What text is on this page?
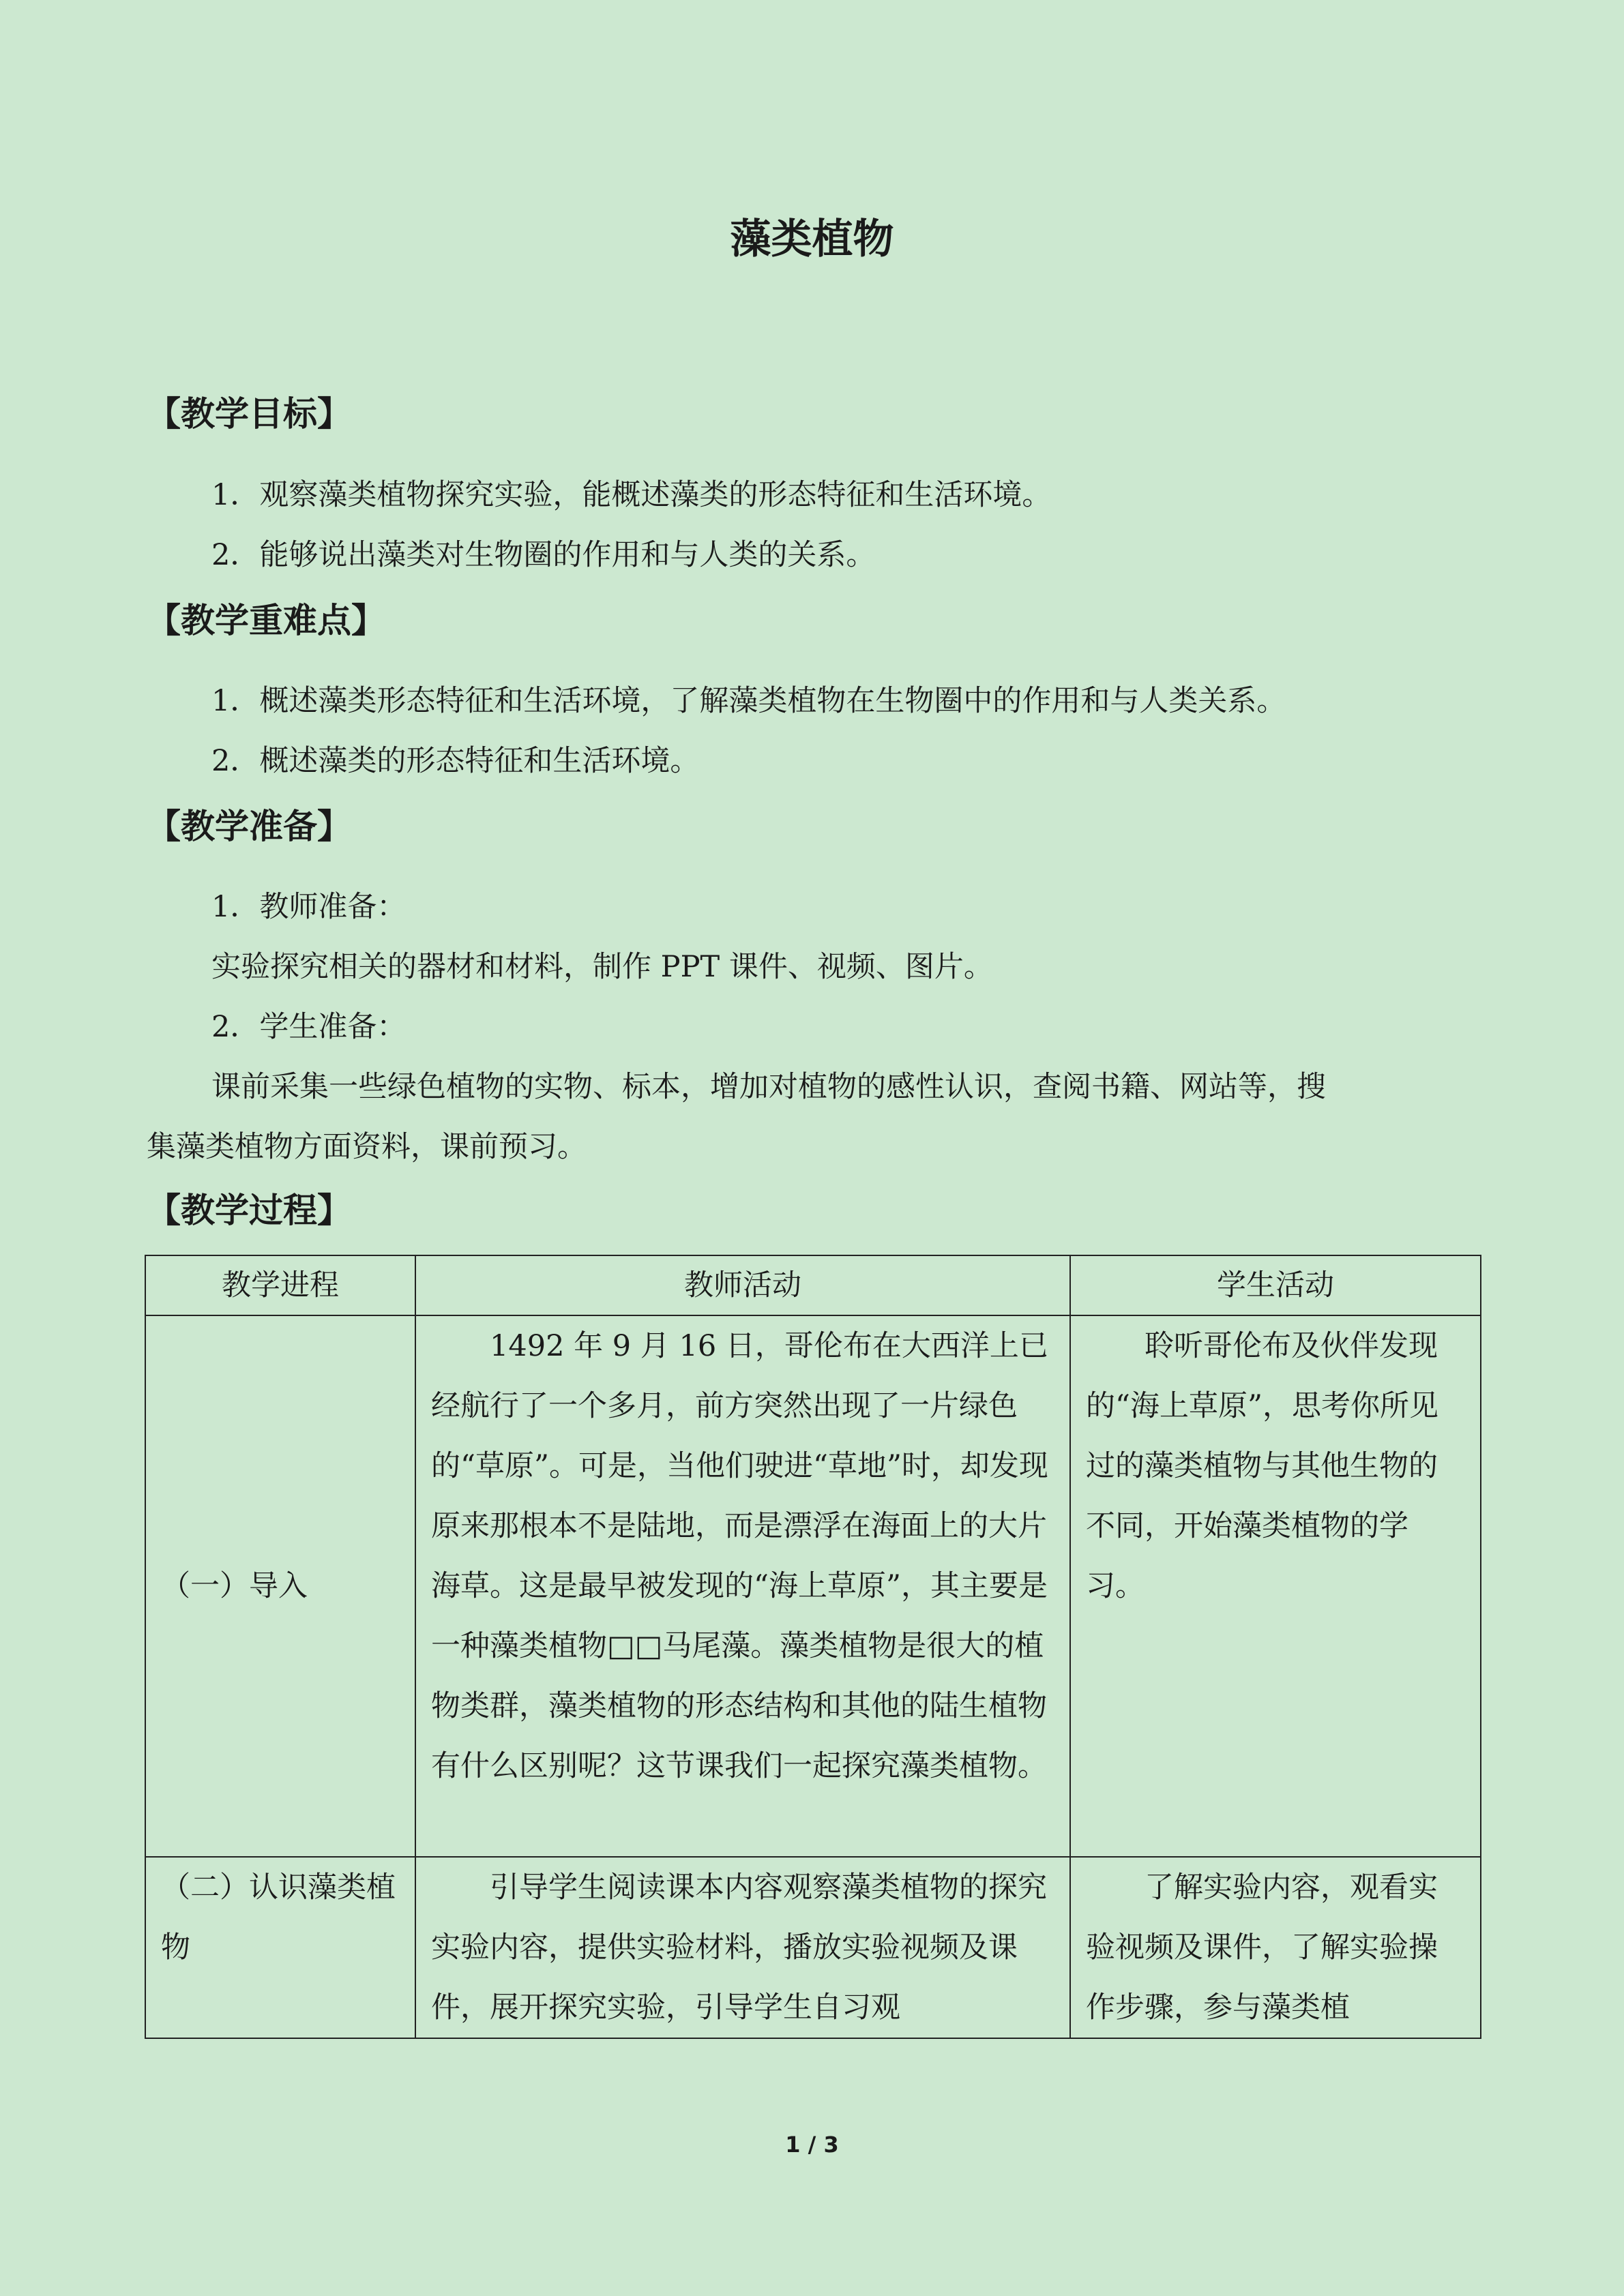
藻类植物
【教学目标】
1．观察藻类植物探究实验，能概述藻类的形态特征和生活环境。
2．能够说出藻类对生物圈的作用和与人类的关系。
【教学重难点】
1．概述藻类形态特征和生活环境，了解藻类植物在生物圈中的作用和与人类关系。
2．概述藻类的形态特征和生活环境。
【教学准备】
1．教师准备：
实验探究相关的器材和材料，制作 PPT 课件、视频、图片。
2．学生准备：
课前采集一些绿色植物的实物、标本，增加对植物的感性认识，查阅书籍、网站等，搜
集藻类植物方面资料，课前预习。
【教学过程】
教学进程	教师活动	学生活动
（一）导入	1492 年 9 月 16 日，哥伦布在大西洋上已经航行了一个多月，前方突然出现了一片绿色的“草原”。可是，当他们驶进“草地”时，却发现原来那根本不是陆地，而是漂浮在海面上的大片海草。这是最早被发现的“海上草原”，其主要是一种藻类植物□□马尾藻。藻类植物是很大的植物类群，藻类植物的形态结构和其他的陆生植物有什么区别呢？这节课我们一起探究藻类植物。	聆听哥伦布及伙伴发现的“海上草原”，思考你所见过的藻类植物与其他生物的不同，开始藻类植物的学习。
（二）认识藻类植物	引导学生阅读课本内容观察藻类植物的探究实验内容，提供实验材料，播放实验视频及课件，展开探究实验，引导学生自习观	了解实验内容，观看实验视频及课件，了解实验操作步骤，参与藻类植
1 / 3
